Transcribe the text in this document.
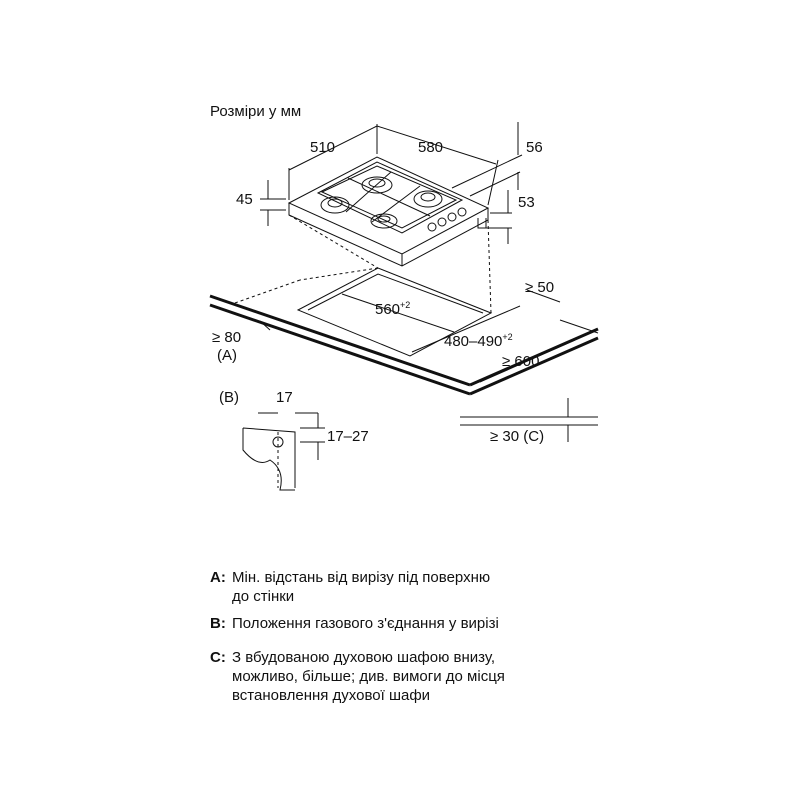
Розміри у мм
510	580	56
45	53
$560^{+2}$
$480-490^{+2}$
≥ 50
≥ 80
(A)	≥ 600
(B) 17
17–27	≥ 30 (C)
A: Мін. відстань від вирізу під поверхню
до стінки
B: Положення газового з'єднання у вирізі
C: З вбудованою духовою шафою внизу,
можливо, більше; див. вимоги до місця
встановлення духової шафи
